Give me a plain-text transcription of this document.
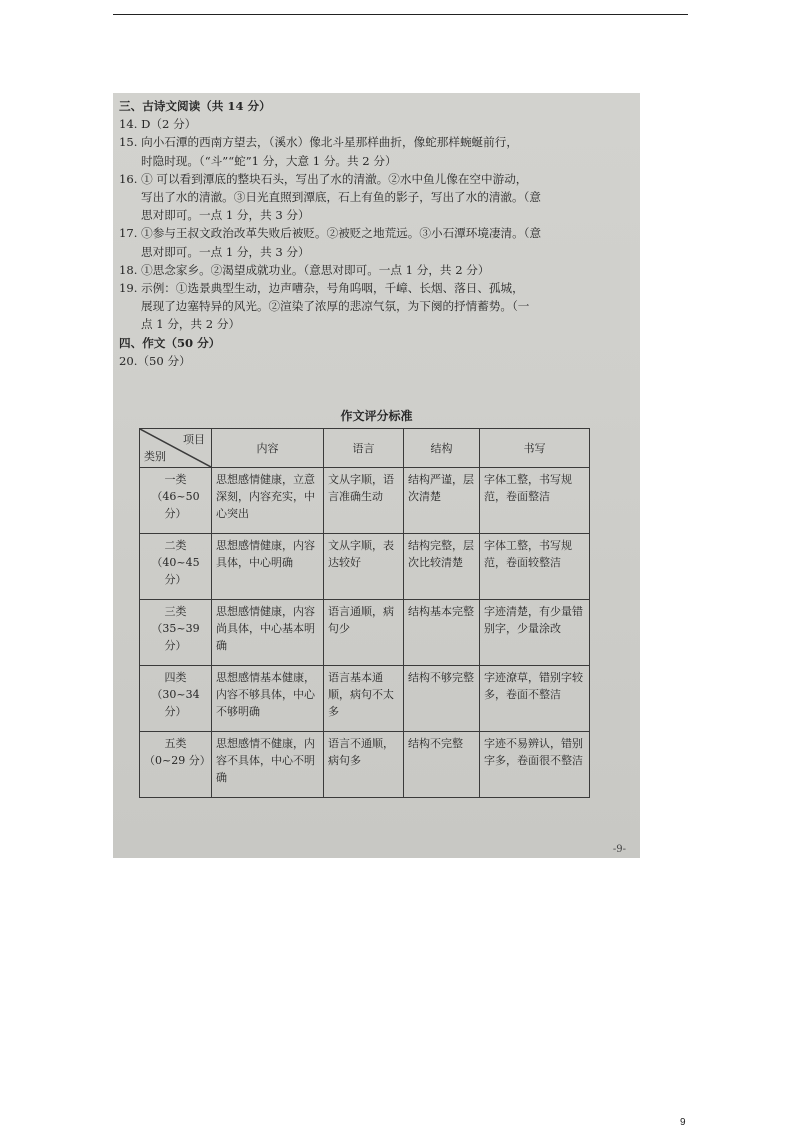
三、古诗文阅读（共 14 分）
14. D（2 分）
15. 向小石潭的西南方望去，（溪水）像北斗星那样曲折，像蛇那样蜿蜒前行，
时隐时现。（“斗”“蛇”1 分，大意 1 分。共 2 分）
16. ① 可以看到潭底的整块石头，写出了水的清澈。②水中鱼儿像在空中游动，
写出了水的清澈。③日光直照到潭底，石上有鱼的影子，写出了水的清澈。（意
思对即可。一点 1 分，共 3 分）
17. ①参与王叔文政治改革失败后被贬。②被贬之地荒远。③小石潭环境凄清。（意
思对即可。一点 1 分，共 3 分）
18. ①思念家乡。②渴望成就功业。（意思对即可。一点 1 分，共 2 分）
19. 示例：①选景典型生动，边声嘈杂，号角呜咽，千嶂、长烟、落日、孤城，
展现了边塞特异的风光。②渲染了浓厚的悲凉气氛，为下阕的抒情蓄势。（一
点 1 分，共 2 分）
四、作文（50 分）
20.（50 分）
作文评分标准
项目
类别	内容	语言	结构	书写

一类
（46~50 分）	思想感情健康，立意深刻，内容充实，中心突出	文从字顺，语言准确生动	结构严谨，层次清楚	字体工整，书写规范，卷面整洁

二类
（40~45 分）	思想感情健康，内容具体，中心明确	文从字顺，表达较好	结构完整，层次比较清楚	字体工整，书写规范，卷面较整洁

三类
（35~39 分）	思想感情健康，内容尚具体，中心基本明确	语言通顺，病句少	结构基本完整	字迹清楚，有少量错别字，少量涂改

四类
（30~34 分）	思想感情基本健康，内容不够具体，中心不够明确	语言基本通顺，病句不太多	结构不够完整	字迹潦草，错别字较多，卷面不整洁

五类
（0~29 分）	思想感情不健康，内容不具体，中心不明确	语言不通顺，病句多	结构不完整	字迹不易辨认，错别字多，卷面很不整洁
-9-
9
